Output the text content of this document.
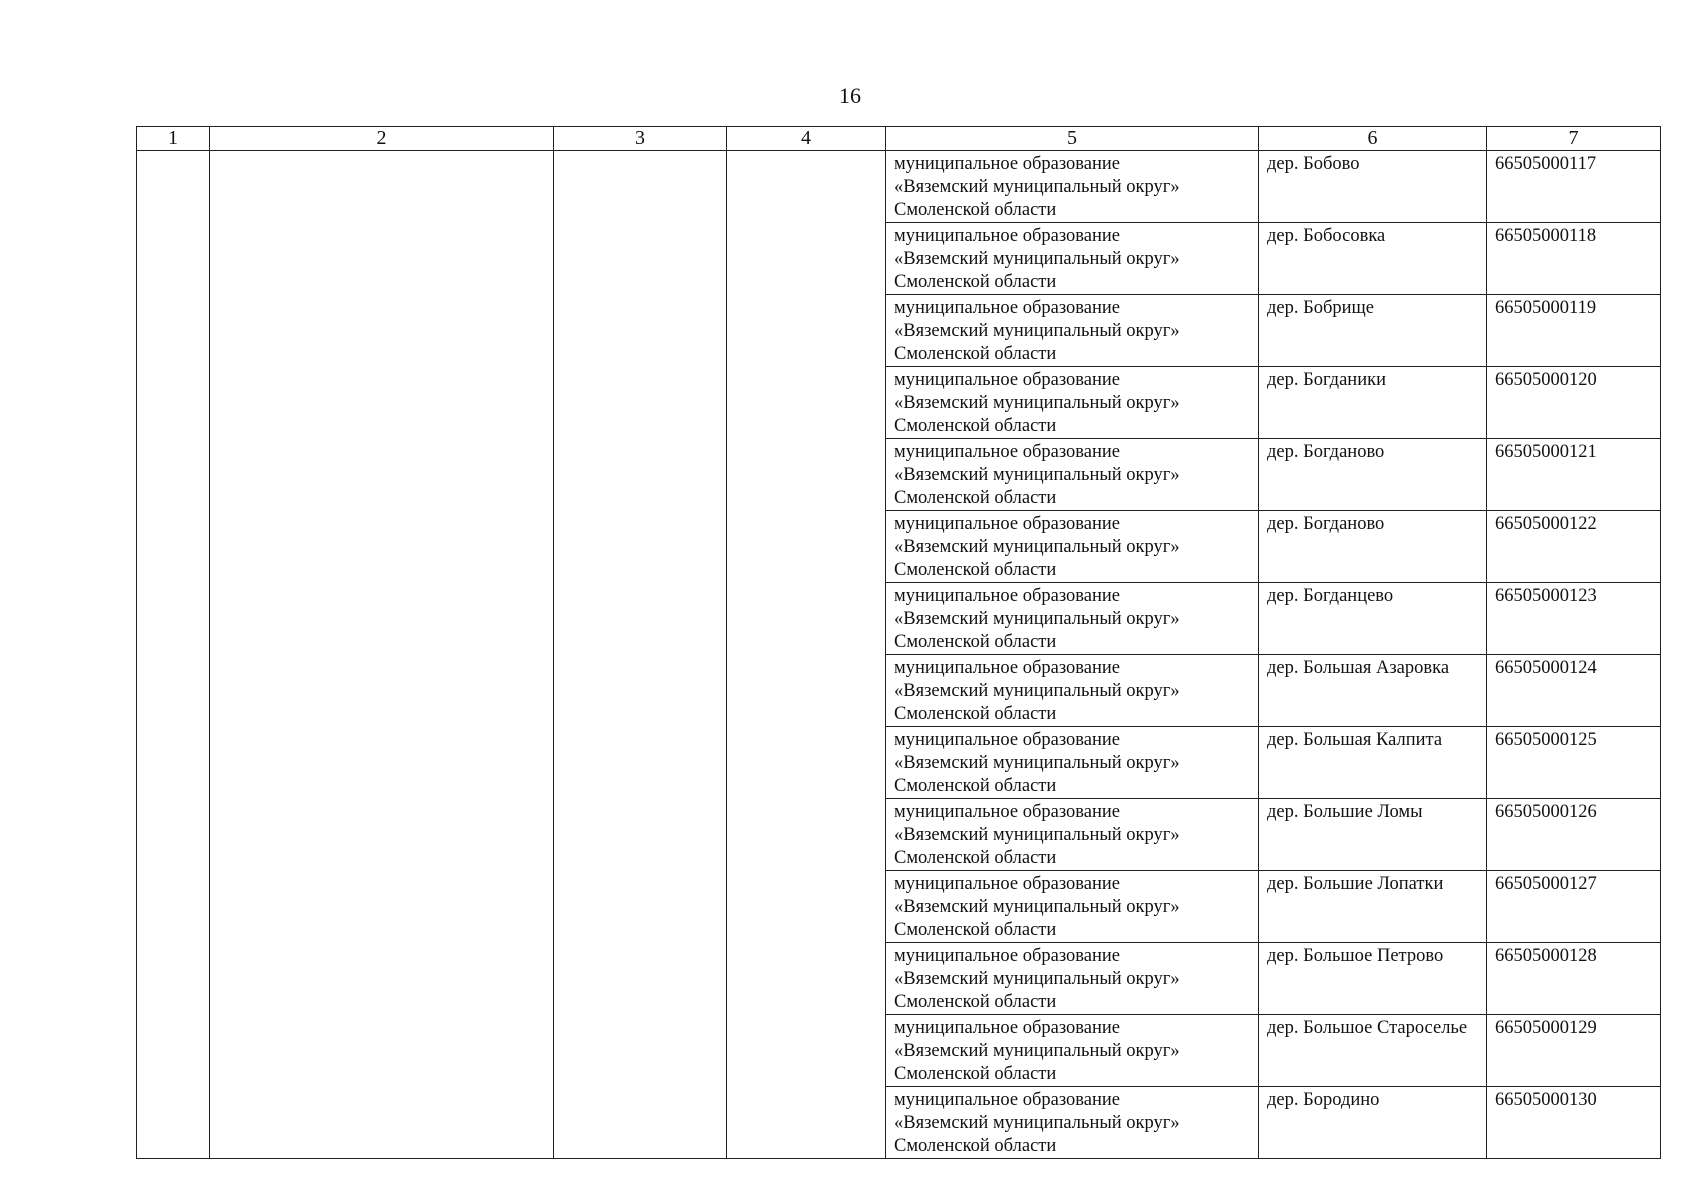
16
1	2	3	4	5	6	7

				муниципальное образование
«Вяземский муниципальный округ»
Смоленской области	дер. Бобово	66505000117

				муниципальное образование
«Вяземский муниципальный округ»
Смоленской области	дер. Бобосовка	66505000118

				муниципальное образование
«Вяземский муниципальный округ»
Смоленской области	дер. Бобрище	66505000119

				муниципальное образование
«Вяземский муниципальный округ»
Смоленской области	дер. Богданики	66505000120

				муниципальное образование
«Вяземский муниципальный округ»
Смоленской области	дер. Богданово	66505000121

				муниципальное образование
«Вяземский муниципальный округ»
Смоленской области	дер. Богданово	66505000122

				муниципальное образование
«Вяземский муниципальный округ»
Смоленской области	дер. Богданцево	66505000123

				муниципальное образование
«Вяземский муниципальный округ»
Смоленской области	дер. Большая Азаровка	66505000124

				муниципальное образование
«Вяземский муниципальный округ»
Смоленской области	дер. Большая Калпита	66505000125

				муниципальное образование
«Вяземский муниципальный округ»
Смоленской области	дер. Большие Ломы	66505000126

				муниципальное образование
«Вяземский муниципальный округ»
Смоленской области	дер. Большие Лопатки	66505000127

				муниципальное образование
«Вяземский муниципальный округ»
Смоленской области	дер. Большое Петрово	66505000128

				муниципальное образование
«Вяземский муниципальный округ»
Смоленской области	дер. Большое Староселье	66505000129

				муниципальное образование
«Вяземский муниципальный округ»
Смоленской области	дер. Бородино	66505000130
